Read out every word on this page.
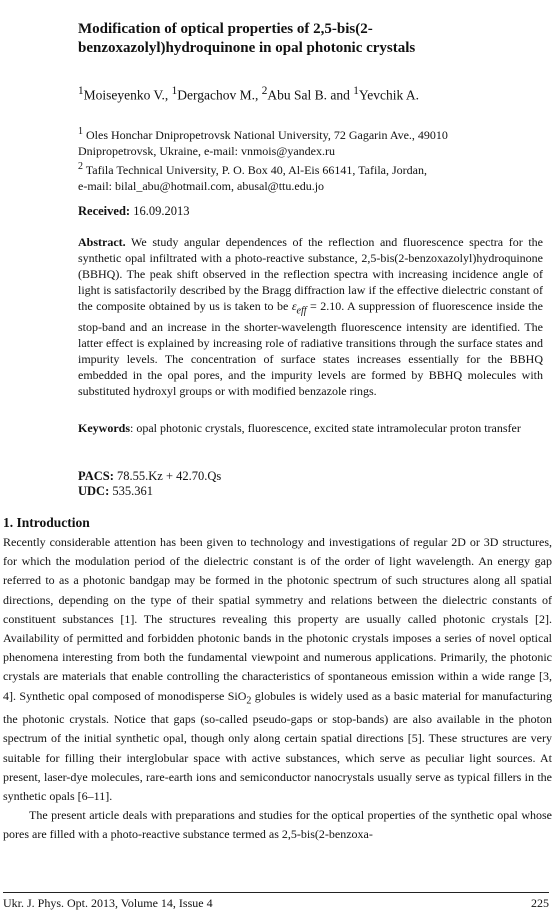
Modification of optical properties of 2,5-bis(2-benzoxazolyl)hydroquinone in opal photonic crystals
$^1$Moiseyenko V., $^1$Dergachov M., $^2$Abu Sal B. and $^1$Yevchik A.

$^1$ Oles Honchar Dnipropetrovsk National University, 72 Gagarin Ave., 49010
Dnipropetrovsk, Ukraine, e-mail: vnmois@yandex.ru

$^2$ Tafila Technical University, P. O. Box 40, Al-Eis 66141, Tafila, Jordan,
e-mail: bilal_abu@hotmail.com, abusal@ttu.edu.jo

Received: 16.09.2013
Abstract. We study angular dependences of the reflection and fluorescence spectra for the synthetic opal infiltrated with a photo-reactive substance, 2,5-bis(2-benzoxazolyl)hydroquinone (BBHQ). The peak shift observed in the reflection spectra with increasing incidence angle of light is satisfactorily described by the Bragg diffraction law if the effective dielectric constant of the composite obtained by us is taken to be $\varepsilon_{eff} = 2.10$. A suppression of fluorescence inside the stop-band and an increase in the shorter-wavelength fluorescence intensity are identified. The latter effect is explained by increasing role of radiative transitions through the surface states and impurity levels. The concentration of surface states increases essentially for the BBHQ embedded in the opal pores, and the impurity levels are formed by BBHQ molecules with substituted hydroxyl groups or with modified benzazole rings.
Keywords: opal photonic crystals, fluorescence, excited state intramolecular proton transfer
PACS: 78.55.Kz + 42.70.Qs
UDC: 535.361
1. Introduction

Recently considerable attention has been given to technology and investigations of regular 2D or 3D structures, for which the modulation period of the dielectric constant is of the order of light wavelength. An energy gap referred to as a photonic bandgap may be formed in the photonic spectrum of such structures along all spatial directions, depending on the type of their spatial symmetry and relations between the dielectric constants of constituent substances [1]. The structures revealing this property are usually called photonic crystals [2]. Availability of permitted and forbidden photonic bands in the photonic crystals imposes a series of novel optical phenomena interesting from both the fundamental viewpoint and numerous applications. Primarily, the photonic crystals are materials that enable controlling the characteristics of spontaneous emission within a wide range [3, 4]. Synthetic opal composed of monodisperse SiO$_2$ globules is widely used as a basic material for manufacturing the photonic crystals. Notice that gaps (so-called pseudo-gaps or stop-bands) are also available in the photon spectrum of the initial synthetic opal, though only along certain spatial directions [5]. These structures are very suitable for filling their interglobular space with active substances, which serve as peculiar light sources. At present, laser-dye molecules, rare-earth ions and semiconductor nanocrystals usually serve as typical fillers in the synthetic opals [6–11].

The present article deals with preparations and studies for the optical properties of the synthetic opal whose pores are filled with a photo-reactive substance termed as 2,5-bis(2-benzoxa-

Ukr. J. Phys. Opt. 2013, Volume 14, Issue 4	225
